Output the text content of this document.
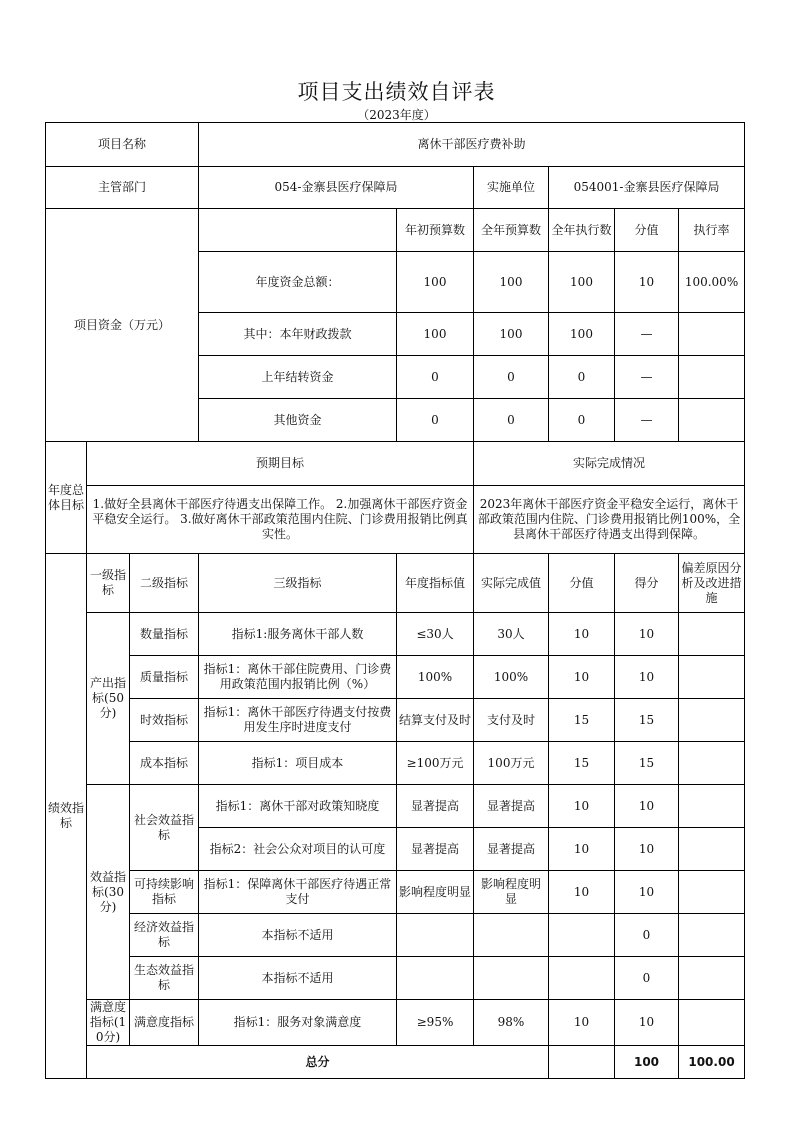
项目支出绩效自评表
（2023年度）
项目名称			离休干部医疗费补助						
主管部门			054-金寨县医疗保障局		实施单位	054001-金寨县医疗保障局			
项目资金（万元）				年初预算数	全年预算数	全年执行数	分值	执行率	
			年度资金总额：	100	100	100	10	100.00%	
			其中：本年财政拨款	100	100	100	—		
			上年结转资金	0	0	0	—		
			其他资金	0	0	0	—		
年度总体目标	预期目标				实际完成情况				
	1.做好全县离休干部医疗待遇支出保障工作。 2.加强离休干部医疗资金平稳安全运行。 3.做好离休干部政策范围内住院、门诊费用报销比例真实性。				2023年离休干部医疗资金平稳安全运行，离休干部政策范围内住院、门诊费用报销比例100%，全县离休干部医疗待遇支出得到保障。				
绩效指标	一级指标	二级指标	三级指标	年度指标值	实际完成值	分值	得分	偏差原因分析及改进措施	
	产出指标(50分)	数量指标	指标1:服务离休干部人数	≤30人	30人	10	10		
		质量指标	指标1：离休干部住院费用、门诊费用政策范围内报销比例（%）	100%	100%	10	10		
		时效指标	指标1：离休干部医疗待遇支付按费用发生序时进度支付	结算支付及时	支付及时	15	15		
		成本指标	指标1：项目成本	≥100万元	100万元	15	15		
	效益指标(30分)	社会效益指标	指标1：离休干部对政策知晓度	显著提高	显著提高	10	10		
			指标2：社会公众对项目的认可度	显著提高	显著提高	10	10		
		可持续影响指标	指标1：保障离休干部医疗待遇正常支付	影响程度明显	影响程度明显	10	10		
		经济效益指标	本指标不适用				0		
		生态效益指标	本指标不适用				0		
	满意度指标(10分)	满意度指标	指标1：服务对象满意度	≥95%	98%	10	10		
	总分						100	100.00	
